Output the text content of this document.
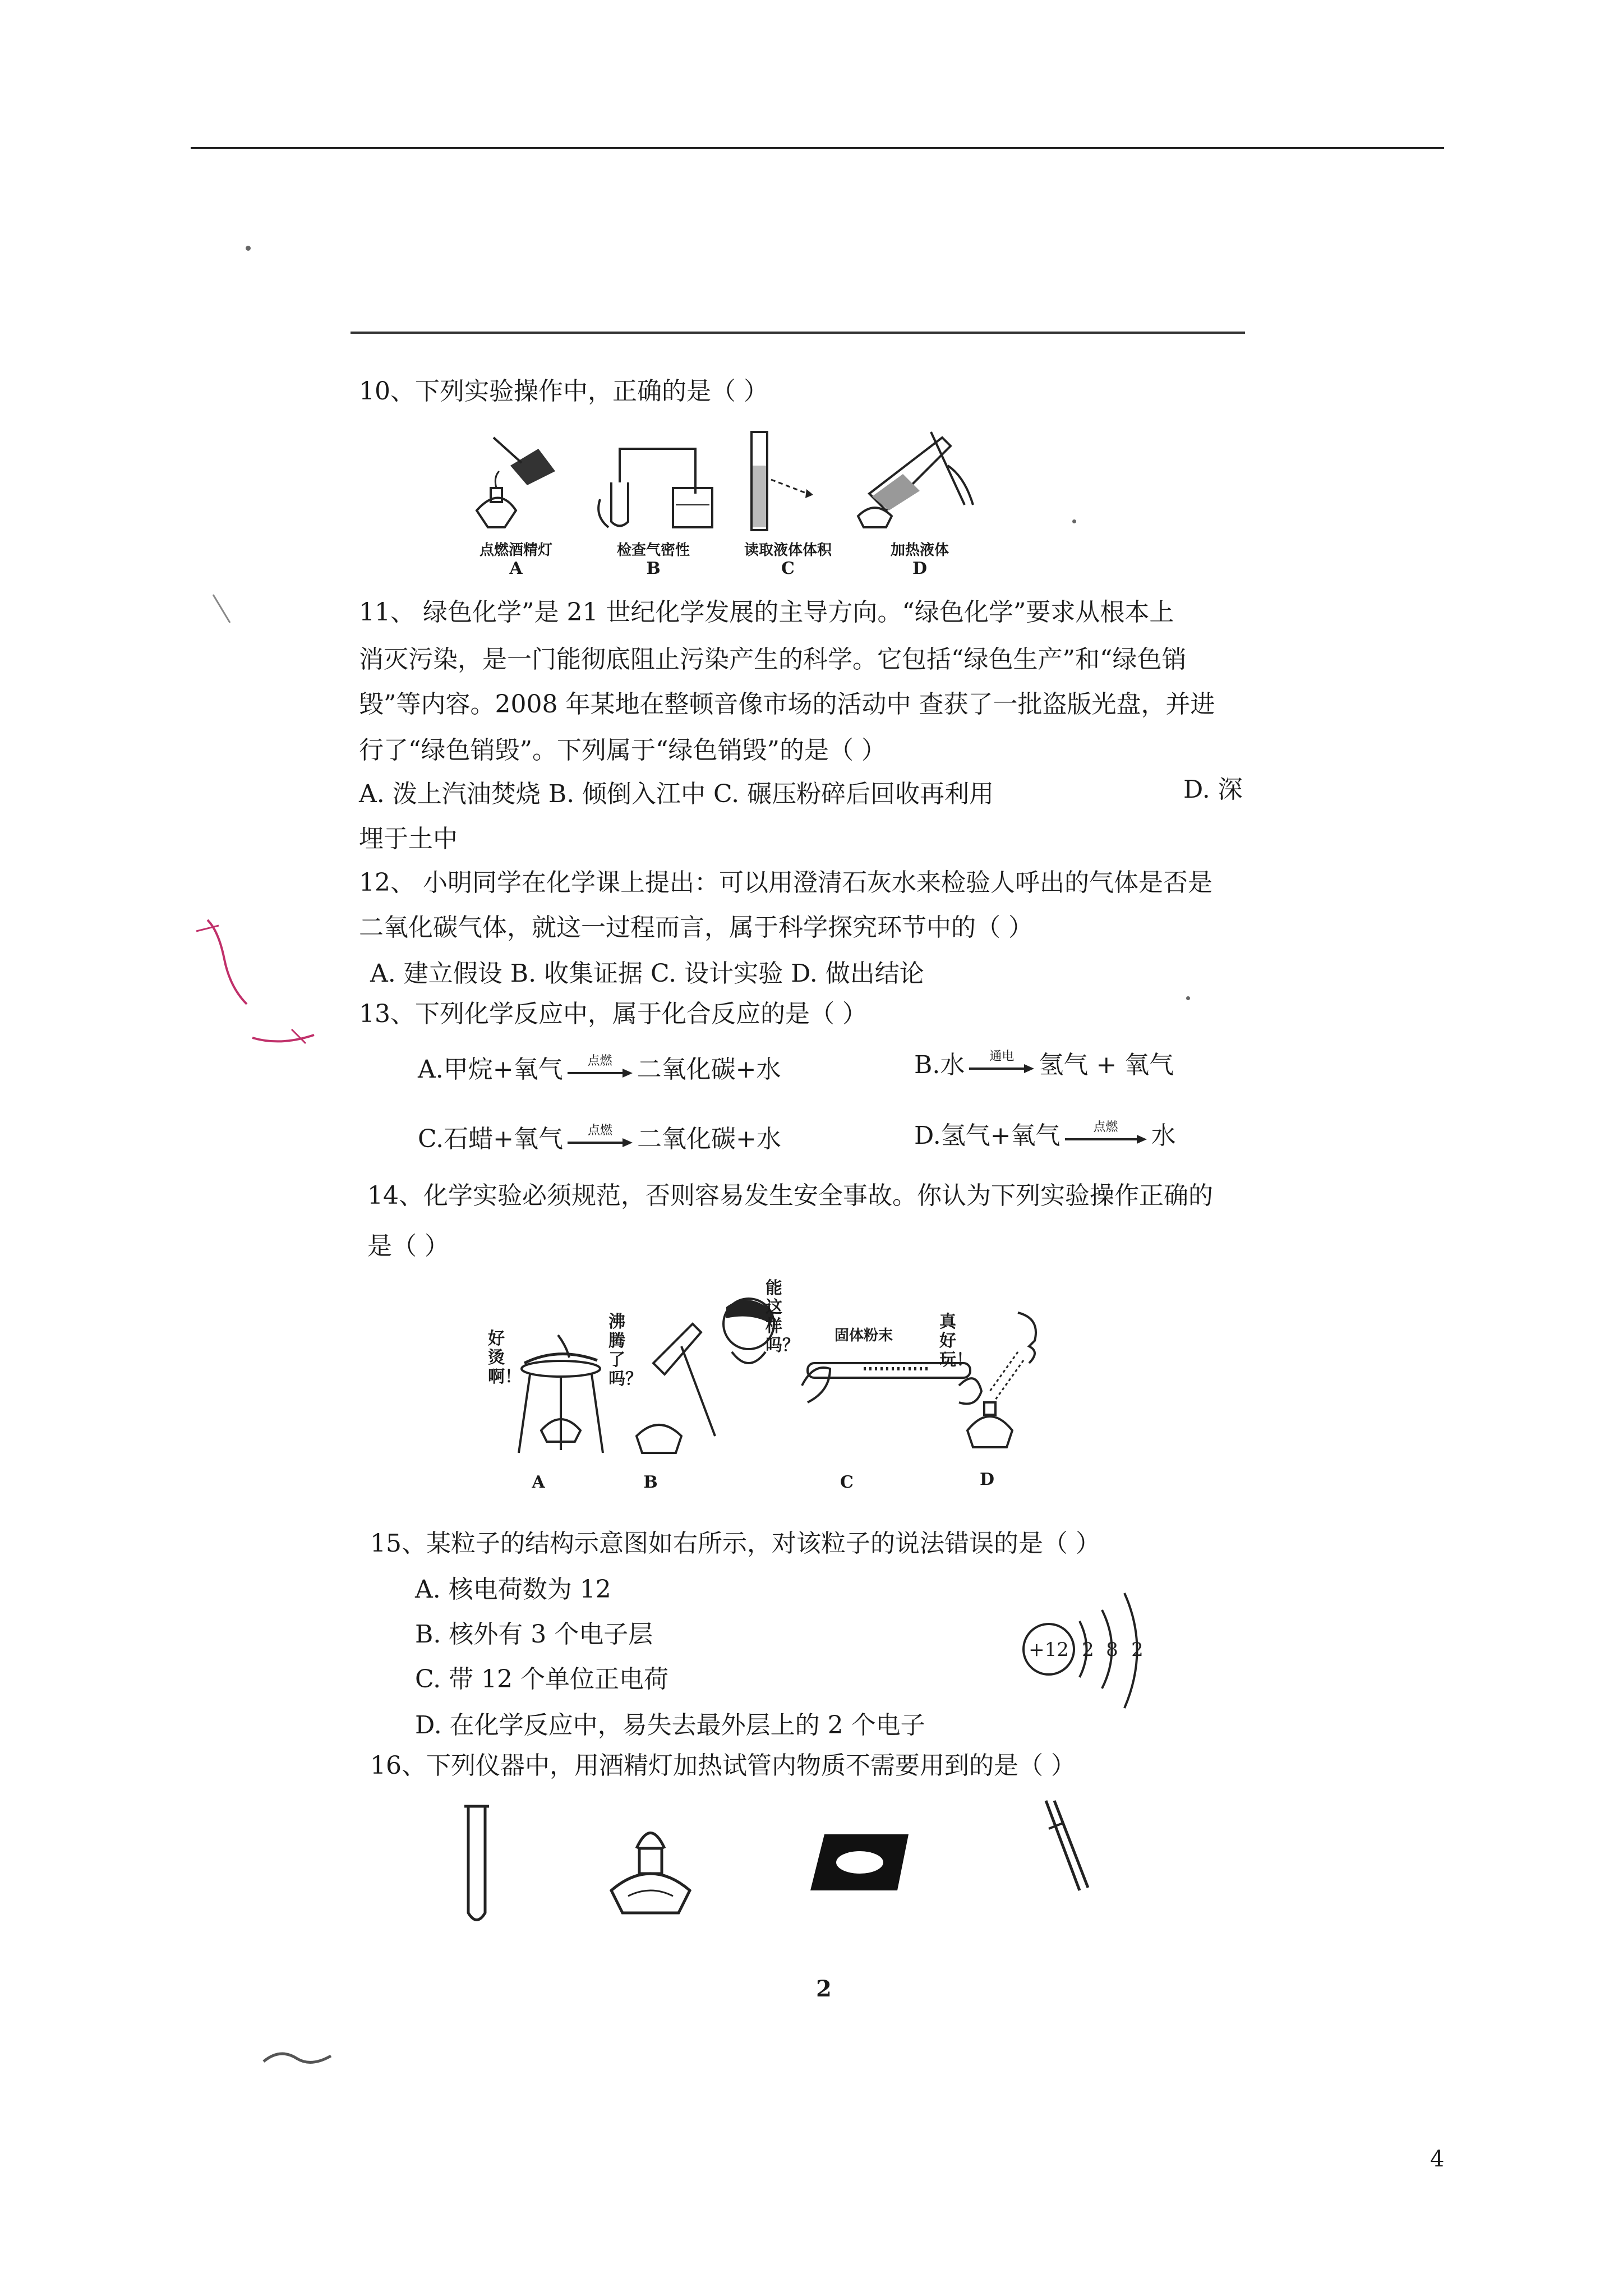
10、下列实验操作中，正确的是（ ）
点燃酒精灯
A
检查气密性
B
读取液体体积
C
加热液体
D
11、 绿色化学”是 21 世纪化学发展的主导方向。“绿色化学”要求从根本上
消灭污染，是一门能彻底阻止污染产生的科学。它包括“绿色生产”和“绿色销
毁”等内容。2008 年某地在整顿音像市场的活动中 查获了一批盗版光盘，并进
行了“绿色销毁”。下列属于“绿色销毁”的是（ ）
A. 泼上汽油焚烧 B. 倾倒入江中 C. 碾压粉碎后回收再利用	D. 深
埋于土中
12、 小明同学在化学课上提出：可以用澄清石灰水来检验人呼出的气体是否是
二氧化碳气体，就这一过程而言，属于科学探究环节中的（ ）
A. 建立假设 B. 收集证据 C. 设计实验 D. 做出结论
13、下列化学反应中，属于化合反应的是（ ）
A.甲烷+氧气 点燃 二氧化碳+水	B.水 通电 氢气 + 氧气
C.石蜡+氧气 点燃 二氧化碳+水	D.氢气+氧气	点燃 水
14、化学实验必须规范，否则容易发生安全事故。你认为下列实验操作正确的
是（ ）
好烫啊！
A
沸腾了吗？
B
能这样吗？	固体粉末
C
真好玩！
D
15、某粒子的结构示意图如右所示，对该粒子的说法错误的是（ ）
A. 核电荷数为 12
B. 核外有 3 个电子层
C. 带 12 个单位正电荷
D. 在化学反应中，易失去最外层上的 2 个电子
+12 2 8 2
16、下列仪器中，用酒精灯加热试管内物质不需要用到的是（ ）
2
4
